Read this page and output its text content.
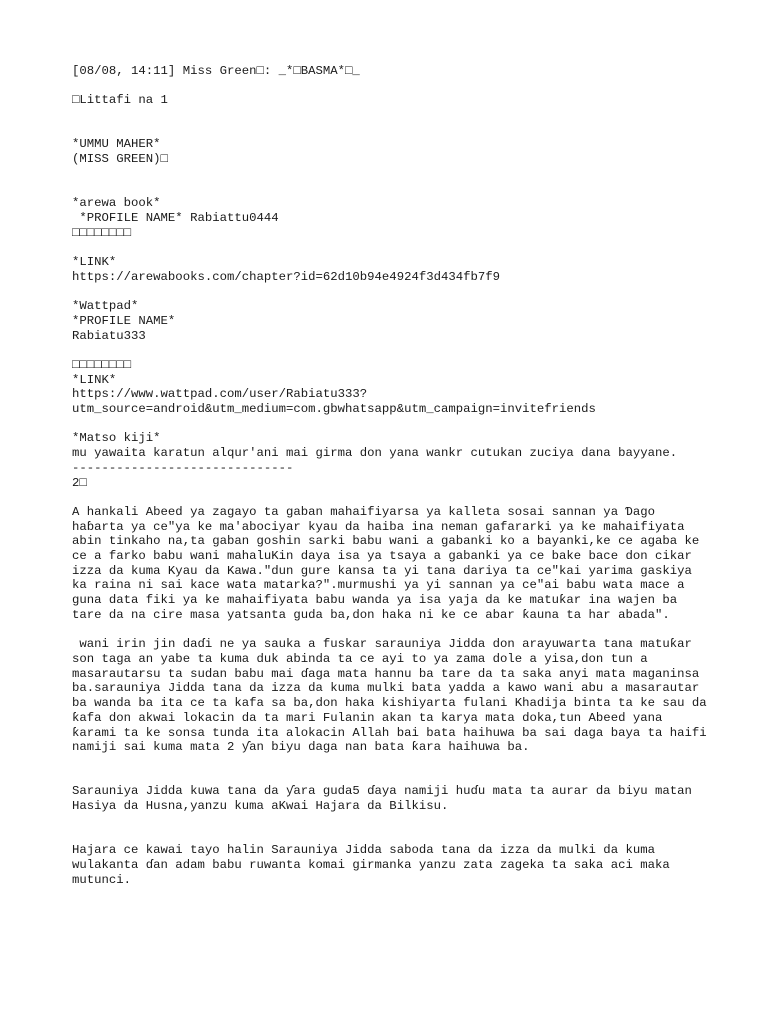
[08/08, 14:11] Miss Green□: _*□BASMA*□_
□Littafi na 1
*UMMU MAHER*
(MISS GREEN)□
*arewa book*
*PROFILE NAME* Rabiattu0444
□□□□□□□□
*LINK*
https://arewabooks.com/chapter?id=62d10b94e4924f3d434fb7f9
*Wattpad*
*PROFILE NAME*
Rabiatu333
□□□□□□□□
*LINK*
https://www.wattpad.com/user/Rabiatu333?
utm_source=android&utm_medium=com.gbwhatsapp&utm_campaign=invitefriends
*Matso kiji*
mu yawaita karatun alqur'ani mai girma don yana wankr cutukan zuciya dana bayyane.
------------------------------
2□
A hankali Abeed ya zagayo ta gaban mahaifiyarsa ya kalleta sosai sannan ya Ɗago haɓarta ya ce"ya ke ma'abociyar kyau da haiba ina neman gafararki ya ke mahaifiyata abin tinkaho na,ta gaban goshin sarki babu wani a gabanki ko a bayanki,ke ce agaba ke ce a farko babu wani mahaluKin daya isa ya tsaya a gabanki ya ce bake bace don cikar izza da kuma Kyau da Kawa."dun gure kansa ta yi tana dariya ta ce"kai yarima gaskiya ka raina ni sai kace wata matarka?".murmushi ya yi sannan ya ce"ai babu wata mace a guna data fiki ya ke mahaifiyata babu wanda ya isa yaja da ke matuƙar ina wajen ba tare da na cire masa yatsanta guda ba,don haka ni ke ce abar ƙauna ta har abada".
wani irin jin daɗi ne ya sauka a fuskar sarauniya Jidda don arayuwarta tana matuƙar son taga an yabe ta kuma duk abinda ta ce ayi to ya zama dole a yisa,don tun a masarautarsu ta sudan babu mai ɗaga mata hannu ba tare da ta saka anyi mata maganinsa ba.sarauniya Jidda tana da izza da kuma mulki bata yadda a kawo wani abu a masarautar ba wanda ba ita ce ta kafa sa ba,don haka kishiyarta fulani Khadija binta ta ke sau da ƙafa don akwai lokacin da ta mari Fulanin akan ta karya mata doka,tun Abeed yana ƙarami ta ke sonsa tunda ita alokacin Allah bai bata haihuwa ba sai daga baya ta haifi namiji sai kuma mata 2 ƴan biyu daga nan bata ƙara haihuwa ba.
Sarauniya Jidda kuwa tana da ƴara guda5 ɗaya namiji huɗu mata ta aurar da biyu matan Hasiya da Husna,yanzu kuma aKwai Hajara da Bilkisu.
Hajara ce kawai tayo halin Sarauniya Jidda saboda tana da izza da mulki da kuma wulakanta ɗan adam babu ruwanta komai girmanka yanzu zata zageka ta saka aci maka mutunci.
